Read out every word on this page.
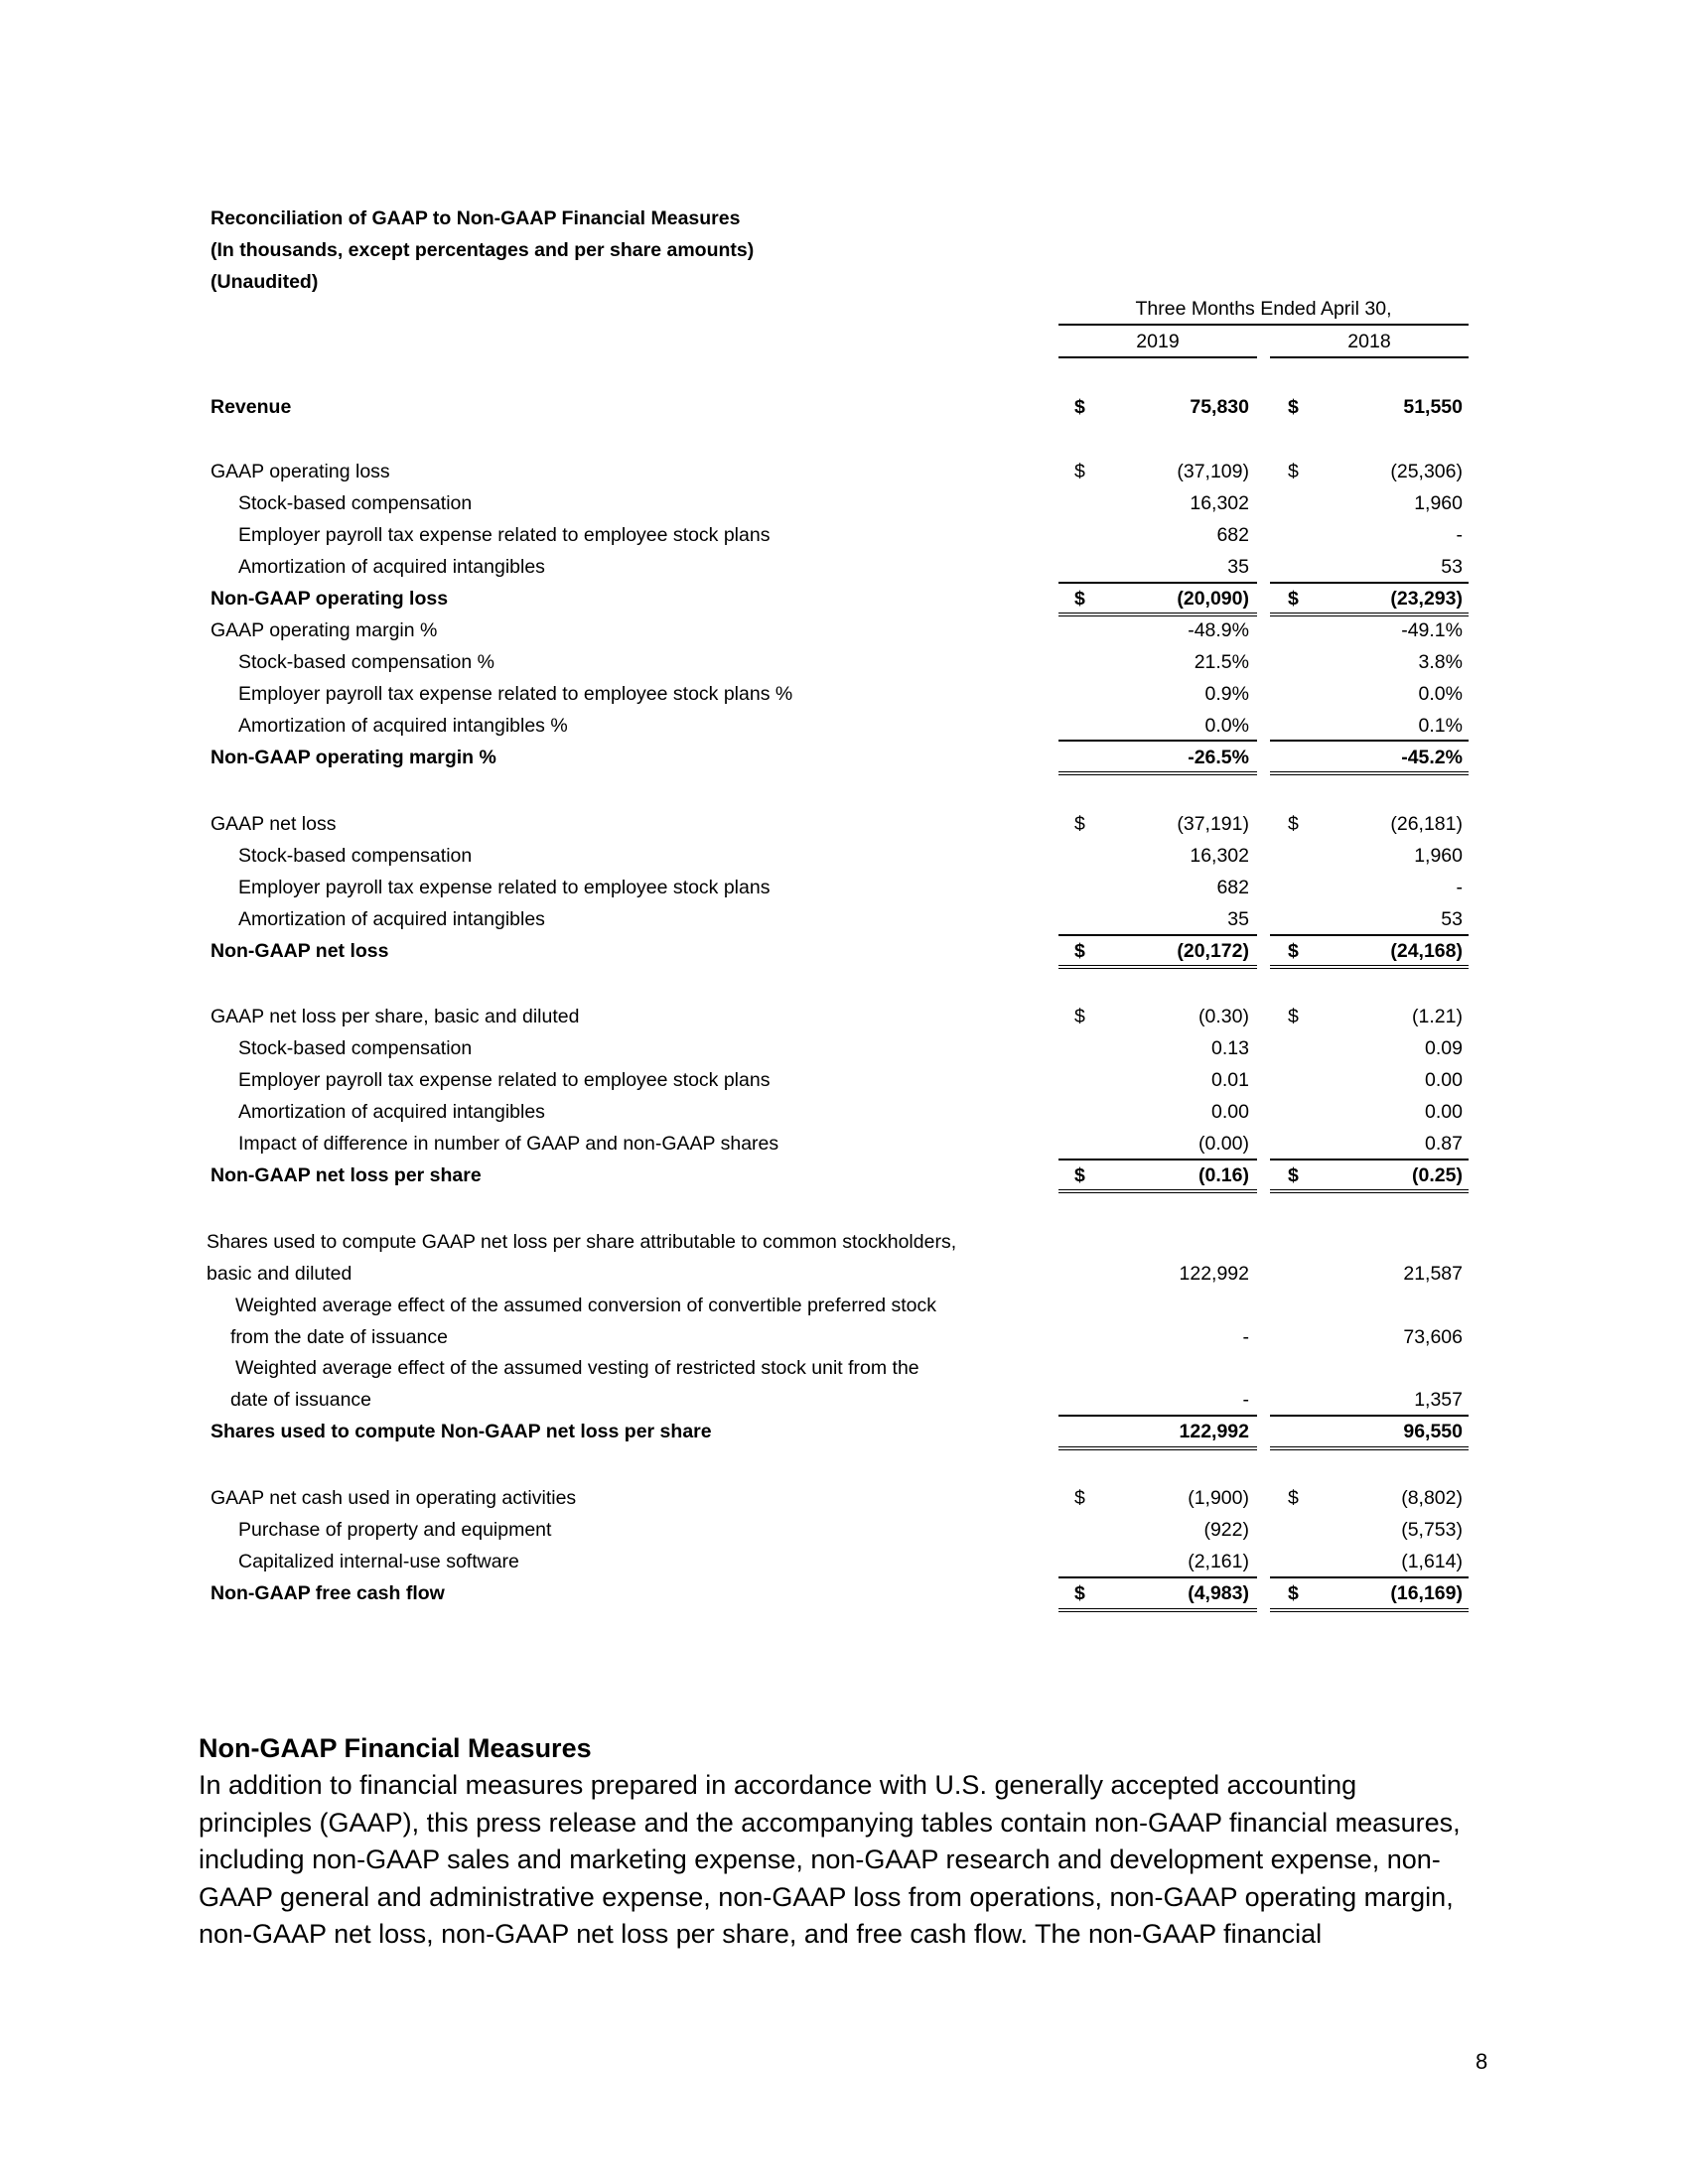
Reconciliation of GAAP to Non-GAAP Financial Measures
(In thousands, except percentages and per share amounts)
(Unaudited)
Three Months Ended April 30,
2019	2018
Revenue	$	75,830 $	51,550
GAAP operating loss	$	(37,109) $	(25,306)
Stock-based compensation	16,302	1,960
Employer payroll tax expense related to employee stock plans	682	-
Amortization of acquired intangibles	35	53
Non-GAAP operating loss	$	(20,090) $	(23,293)
GAAP operating margin %	-48.9%	-49.1%
Stock-based compensation %	21.5%	3.8%
Employer payroll tax expense related to employee stock plans %	0.9%	0.0%
Amortization of acquired intangibles %	0.0%	0.1%
Non-GAAP operating margin %	-26.5%	-45.2%
GAAP net loss	$	(37,191) $	(26,181)
Stock-based compensation	16,302	1,960
Employer payroll tax expense related to employee stock plans	682	-
Amortization of acquired intangibles	35	53
Non-GAAP net loss	$	(20,172) $	(24,168)
GAAP net loss per share, basic and diluted	$	(0.30) $	(1.21)
Stock-based compensation	0.13	0.09
Employer payroll tax expense related to employee stock plans	0.01	0.00
Amortization of acquired intangibles	0.00	0.00
Impact of difference in number of GAAP and non-GAAP shares	(0.00)	0.87
Non-GAAP net loss per share	$	(0.16) $	(0.25)
Shares used to compute GAAP net loss per share attributable to common stockholders,
basic and diluted	122,992	21,587
Weighted average effect of the assumed conversion of convertible preferred stock
from the date of issuance	-	73,606
Weighted average effect of the assumed vesting of restricted stock unit from the
date of issuance	-	1,357
Shares used to compute Non-GAAP net loss per share	122,992	96,550
GAAP net cash used in operating activities	$	(1,900) $	(8,802)
Purchase of property and equipment	(922)	(5,753)
Capitalized internal-use software	(2,161)	(1,614)
Non-GAAP free cash flow	$	(4,983) $	(16,169)
Non-GAAP Financial Measures
In addition to financial measures prepared in accordance with U.S. generally accepted accounting
principles (GAAP), this press release and the accompanying tables contain non-GAAP financial measures,
including non-GAAP sales and marketing expense, non-GAAP research and development expense, non-
GAAP general and administrative expense, non-GAAP loss from operations, non-GAAP operating margin,
non-GAAP net loss, non-GAAP net loss per share, and free cash flow. The non-GAAP financial
8
